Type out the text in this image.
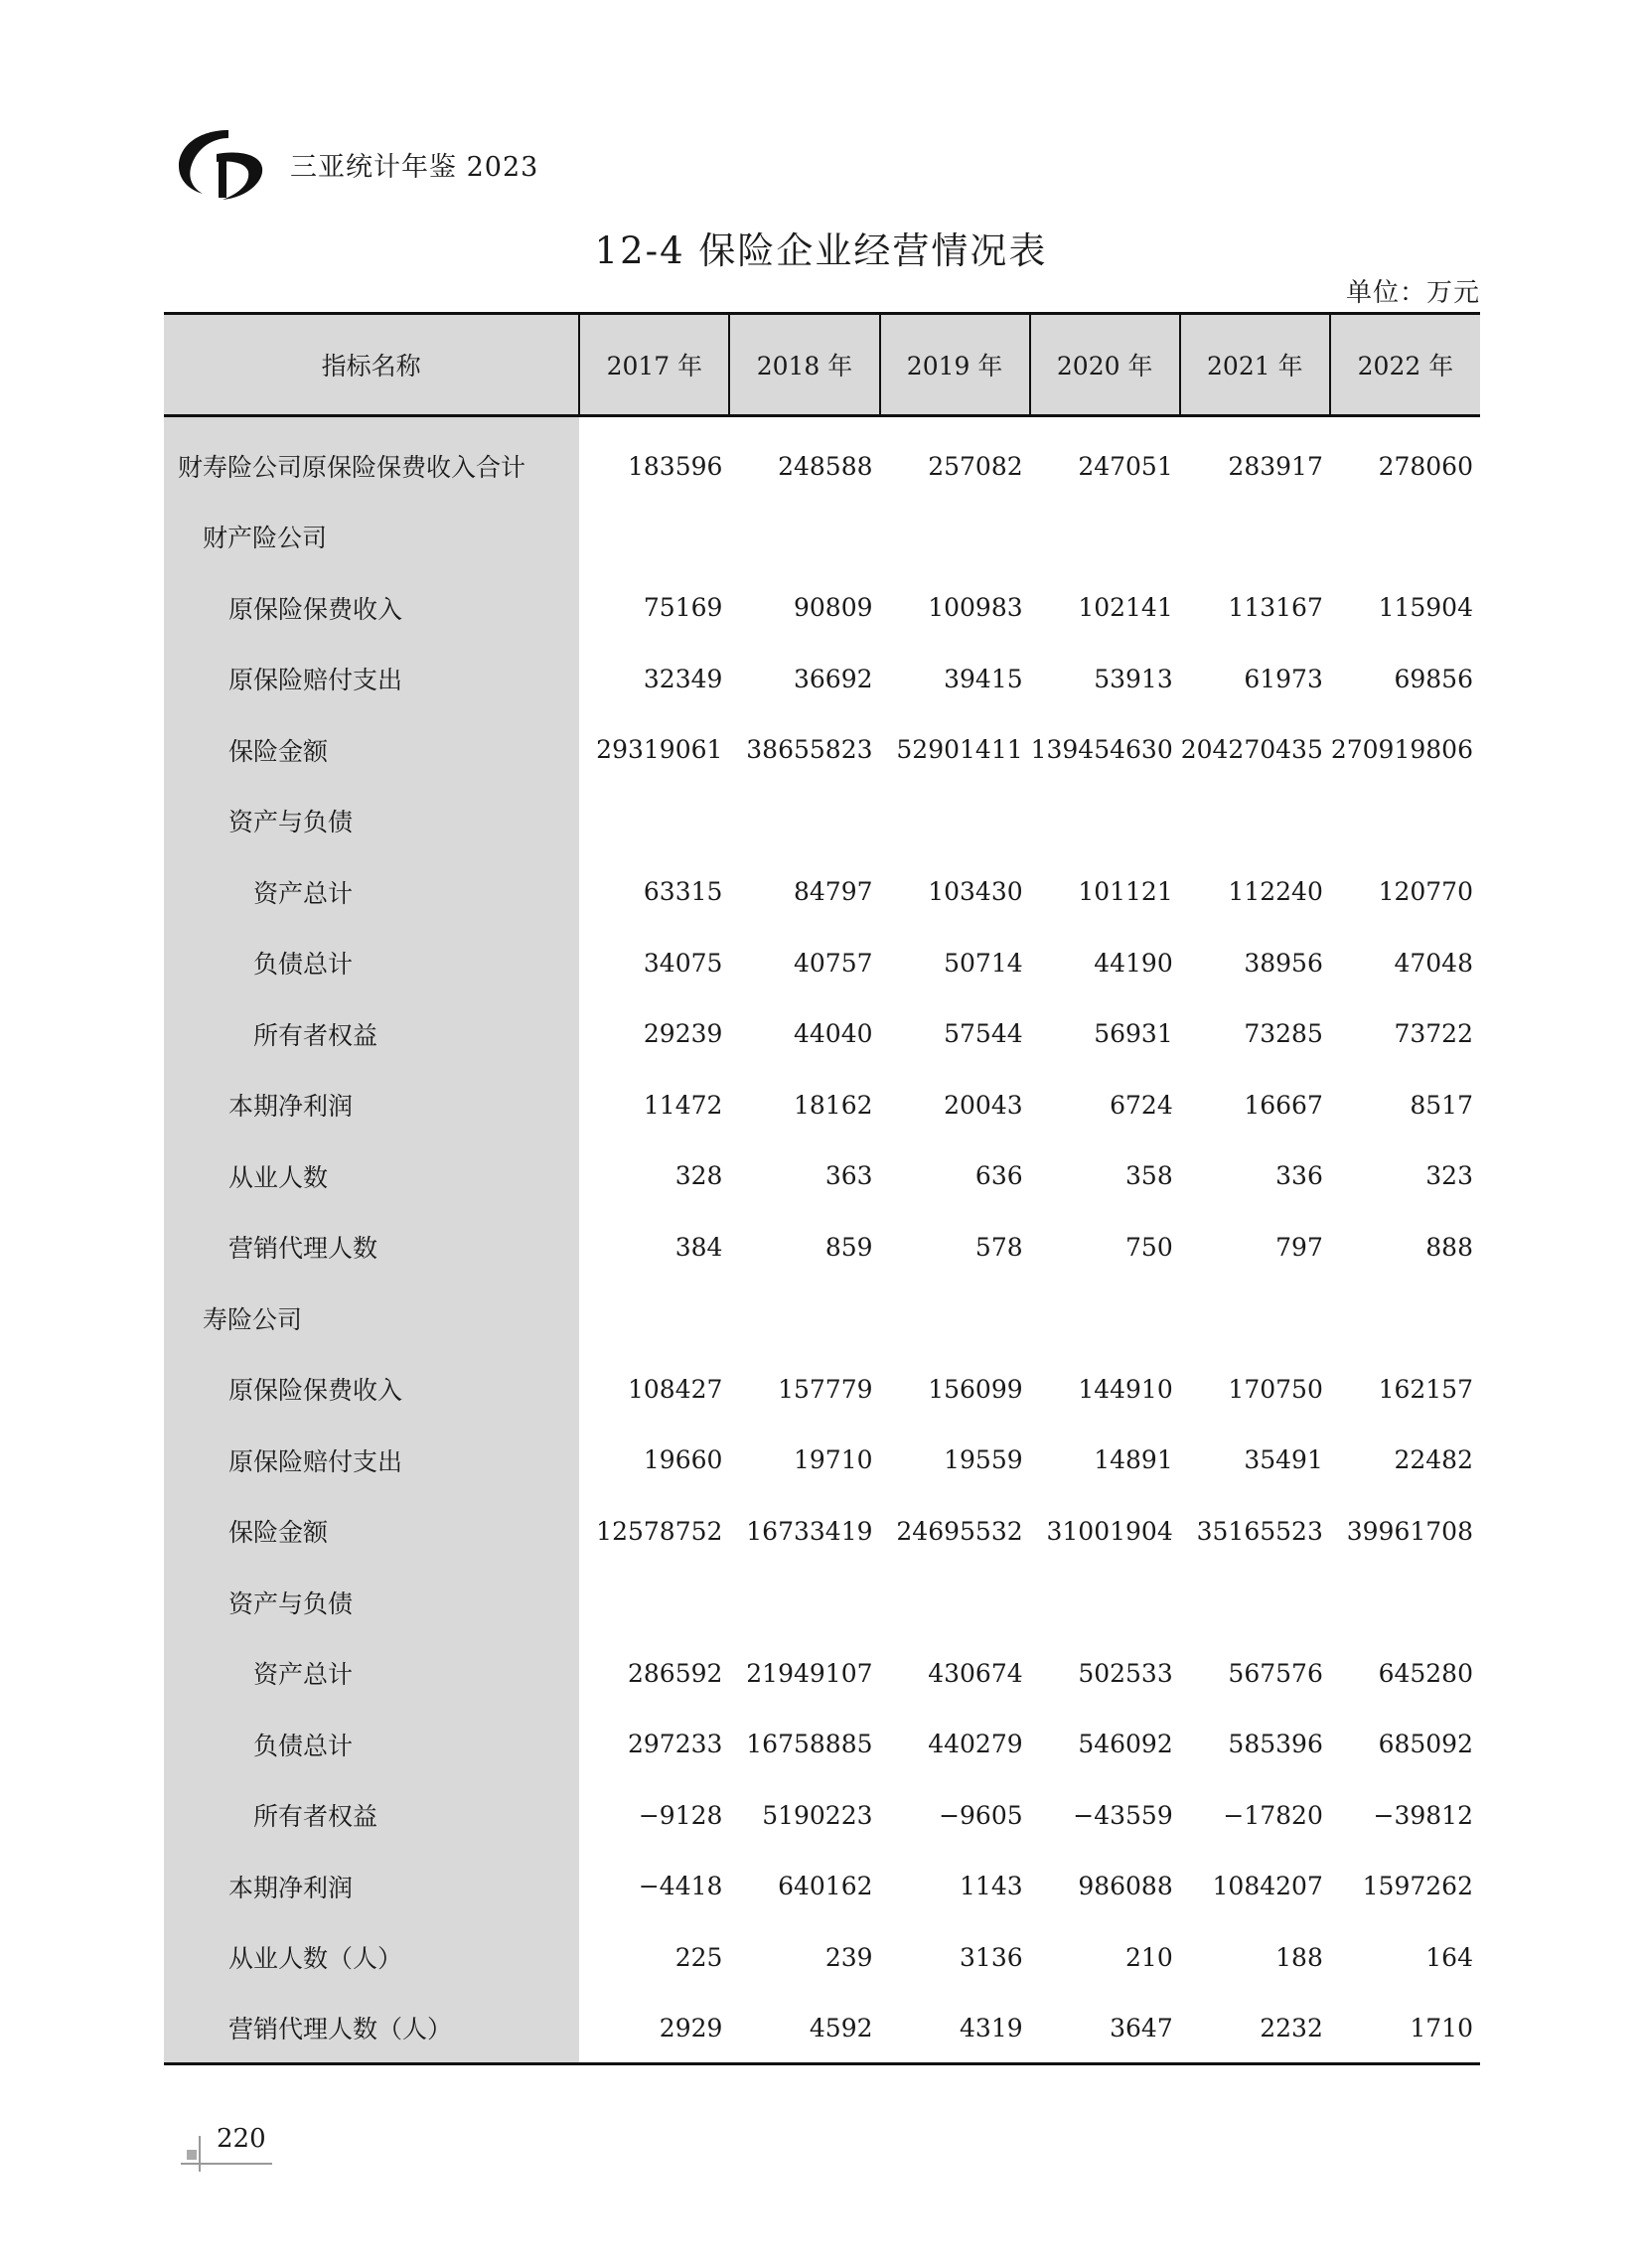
三亚统计年鉴 2023
12-4 保险企业经营情况表
单位：万元
指标名称	2017 年	2018 年	2019 年	2020 年	2021 年	2022 年
财寿险公司原保险保费收入合计	183596	248588	257082	247051	283917	278060
财产险公司						
原保险保费收入	75169	90809	100983	102141	113167	115904
原保险赔付支出	32349	36692	39415	53913	61973	69856
保险金额	29319061	38655823	52901411	139454630	204270435	270919806
资产与负债						
资产总计	63315	84797	103430	101121	112240	120770
负债总计	34075	40757	50714	44190	38956	47048
所有者权益	29239	44040	57544	56931	73285	73722
本期净利润	11472	18162	20043	6724	16667	8517
从业人数	328	363	636	358	336	323
营销代理人数	384	859	578	750	797	888
寿险公司						
原保险保费收入	108427	157779	156099	144910	170750	162157
原保险赔付支出	19660	19710	19559	14891	35491	22482
保险金额	12578752	16733419	24695532	31001904	35165523	39961708
资产与负债						
资产总计	286592	21949107	430674	502533	567576	645280
负债总计	297233	16758885	440279	546092	585396	685092
所有者权益	−9128	5190223	−9605	−43559	−17820	−39812
本期净利润	−4418	640162	1143	986088	1084207	1597262
从业人数（人）	225	239	3136	210	188	164
营销代理人数（人）	2929	4592	4319	3647	2232	1710
220
